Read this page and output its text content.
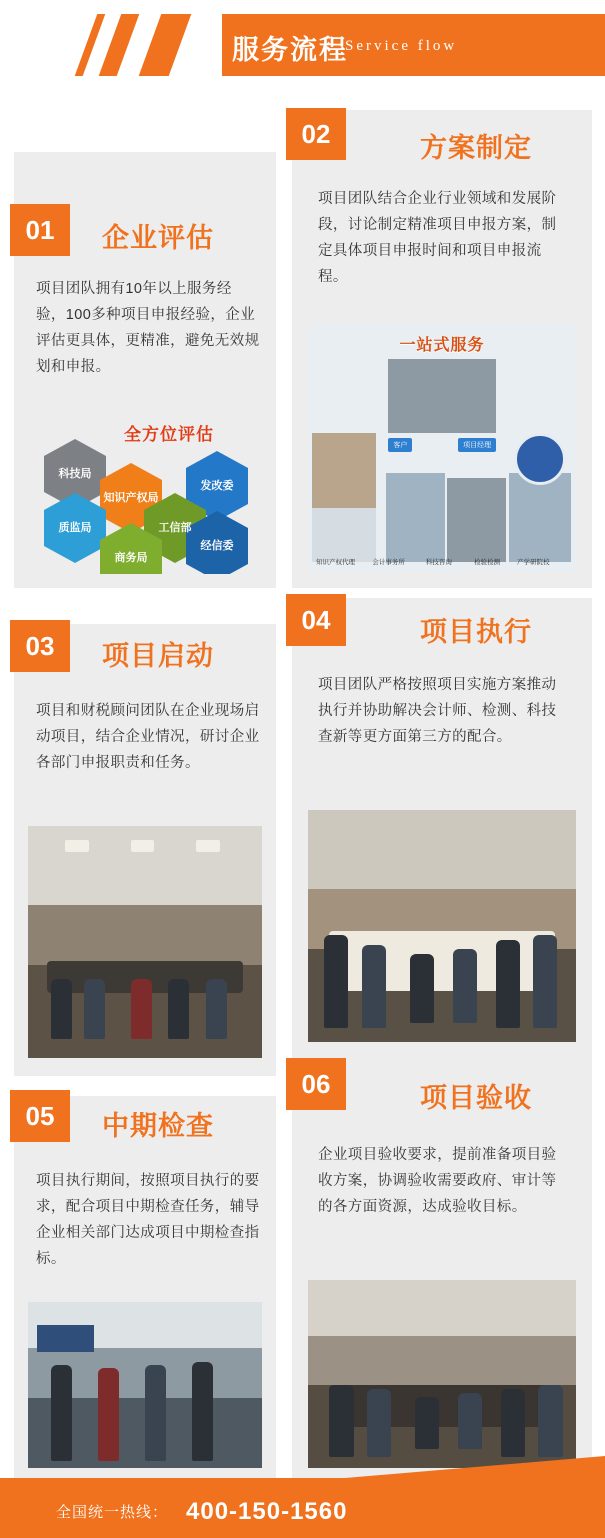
服务流程
Service flow
01	企业评估
项目团队拥有10年以上服务经验，100多种项目申报经验，企业评估更具体，更精准，避免无效规划和申报。
全方位评估
科技局
知识产权局
发改委
质监局	工信部
商务局
经信委
02	方案制定
项目团队结合企业行业领域和发展阶段，讨论制定精准项目申报方案，制定具体项目申报时间和项目申报流程。
一站式服务
客户	项目经理
知识产权代理	会计事务所	科技咨询	检验检测	产学研院校
03	项目启动
项目和财税顾问团队在企业现场启动项目，结合企业情况，研讨企业各部门申报职责和任务。
04	项目执行
项目团队严格按照项目实施方案推动执行并协助解决会计师、检测、科技查新等更方面第三方的配合。
05	中期检查
项目执行期间，按照项目执行的要求，配合项目中期检查任务，辅导企业相关部门达成项目中期检查指标。
06	项目验收
企业项目验收要求，提前准备项目验收方案，协调验收需要政府、审计等的各方面资源，达成验收目标。
全国统一热线： 400-150-1560
